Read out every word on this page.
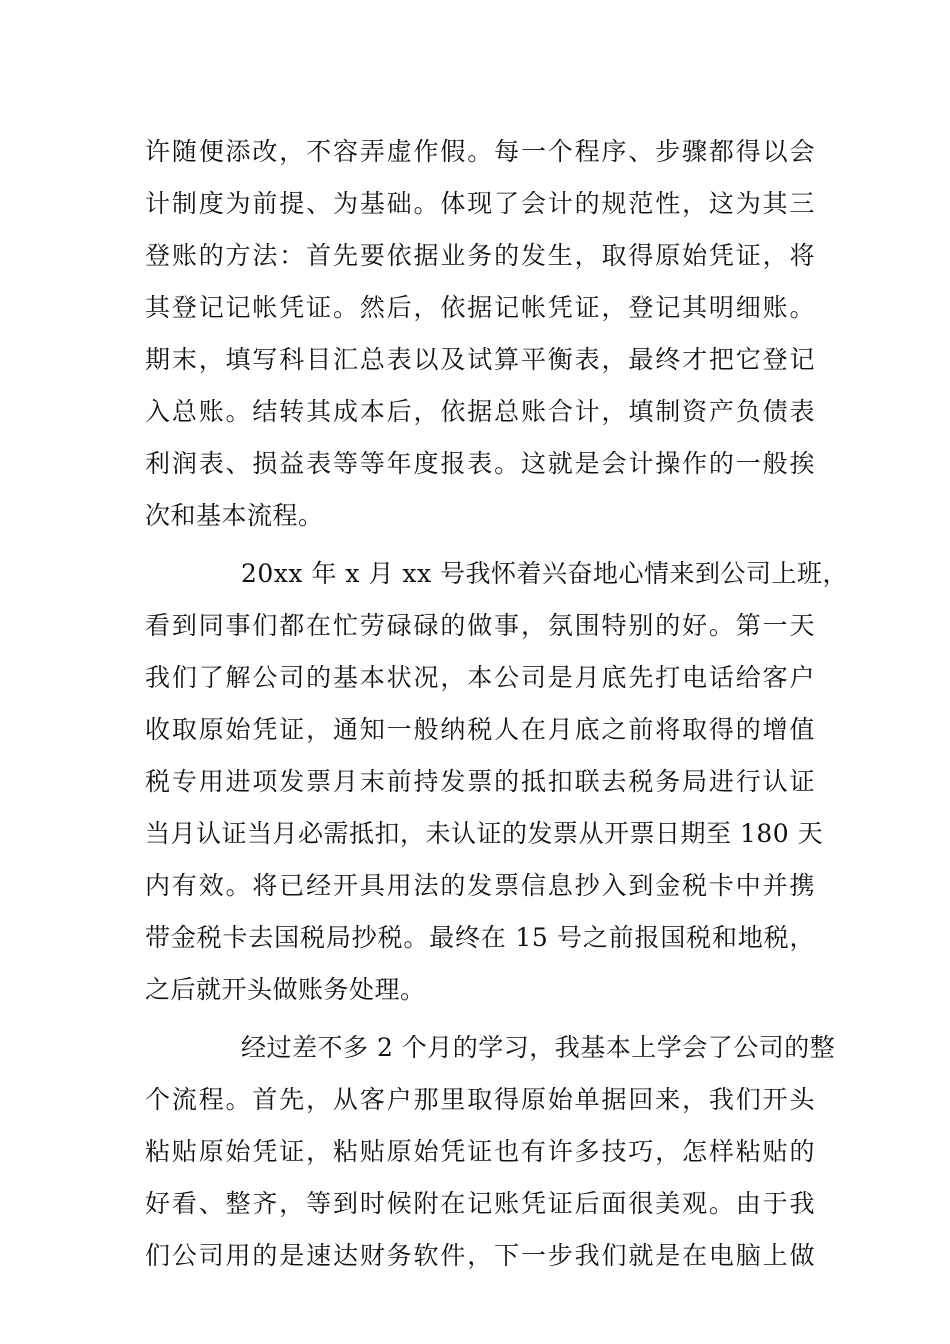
许随便添改，不容弄虚作假。每一个程序、步骤都得以会
计制度为前提、为基础。体现了会计的规范性，这为其三
登账的方法：首先要依据业务的发生，取得原始凭证，将
其登记记帐凭证。然后，依据记帐凭证，登记其明细账。
期末，填写科目汇总表以及试算平衡表，最终才把它登记
入总账。结转其成本后，依据总账合计，填制资产负债表
利润表、损益表等等年度报表。这就是会计操作的一般挨
次和基本流程。
20xx 年 x 月 xx 号我怀着兴奋地心情来到公司上班，
看到同事们都在忙劳碌碌的做事，氛围特别的好。第一天
我们了解公司的基本状况，本公司是月底先打电话给客户
收取原始凭证，通知一般纳税人在月底之前将取得的增值
税专用进项发票月末前持发票的抵扣联去税务局进行认证
当月认证当月必需抵扣，未认证的发票从开票日期至 180 天
内有效。将已经开具用法的发票信息抄入到金税卡中并携
带金税卡去国税局抄税。最终在 15 号之前报国税和地税，
之后就开头做账务处理。
经过差不多 2 个月的学习，我基本上学会了公司的整
个流程。首先，从客户那里取得原始单据回来，我们开头
粘贴原始凭证，粘贴原始凭证也有许多技巧，怎样粘贴的
好看、整齐，等到时候附在记账凭证后面很美观。由于我
们公司用的是速达财务软件，下一步我们就是在电脑上做
